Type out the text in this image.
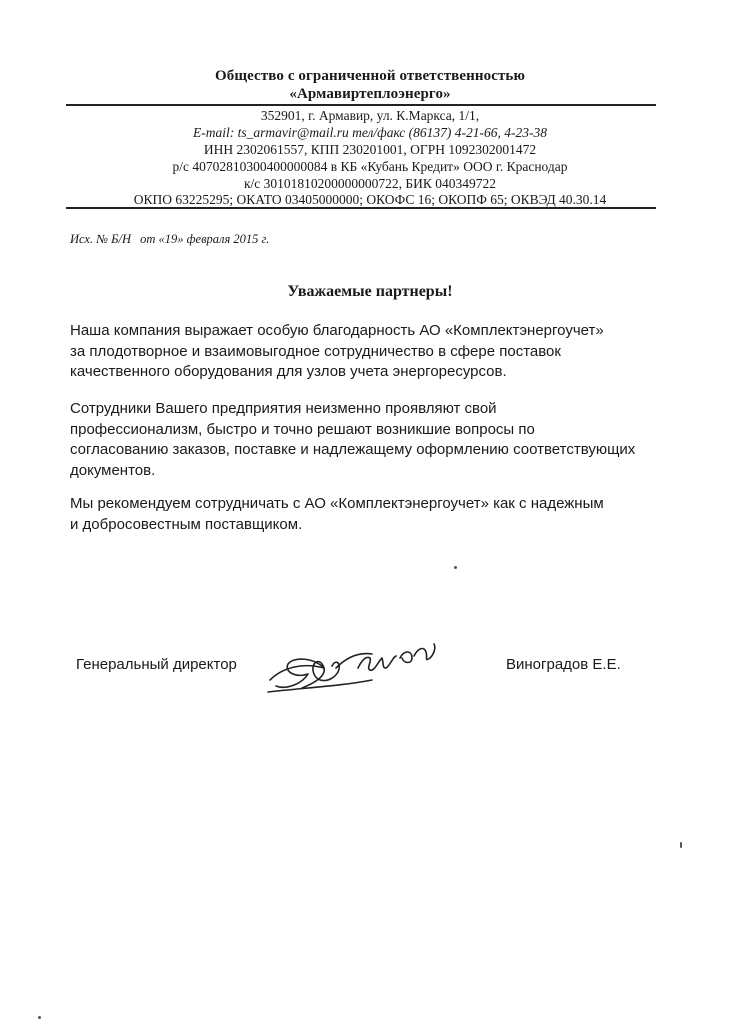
Общество с ограниченной ответственностью
«Армавиртеплоэнерго»
352901, г. Армавир, ул. К.Маркса, 1/1,
E-mail: ts_armavir@mail.ru тел/факс (86137) 4-21-66, 4-23-38
ИНН 2302061557, КПП 230201001, ОГРН 1092302001472
р/с 40702810300400000084 в КБ «Кубань Кредит» ООО г. Краснодар
к/с 30101810200000000722, БИК 040349722
ОКПО 63225295; ОКАТО 03405000000; ОКОФС 16; ОКОПФ 65; ОКВЭД 40.30.14
Исх. № Б/Н от «19» февраля 2015 г.
Уважаемые партнеры!
Наша компания выражает особую благодарность АО «Комплектэнергоучет»
за плодотворное и взаимовыгодное сотрудничество в сфере поставок
качественного оборудования для узлов учета энергоресурсов.
Сотрудники Вашего предприятия неизменно проявляют свой
профессионализм, быстро и точно решают возникшие вопросы по
согласованию заказов, поставке и надлежащему оформлению соответствующих
документов.
Мы рекомендуем сотрудничать с АО «Комплектэнергоучет» как с надежным
и добросовестным поставщиком.
Генеральный директор	Виноградов Е.Е.
